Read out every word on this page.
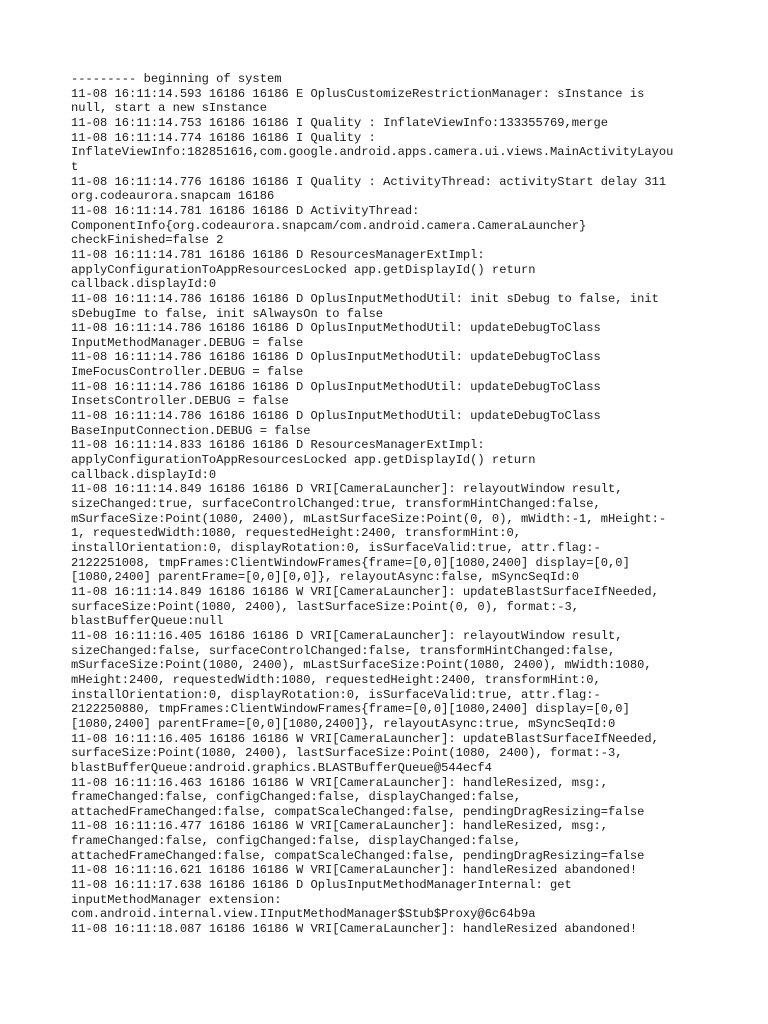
--------- beginning of system
11-08 16:11:14.593 16186 16186 E OplusCustomizeRestrictionManager: sInstance is
null, start a new sInstance
11-08 16:11:14.753 16186 16186 I Quality : InflateViewInfo:133355769,merge
11-08 16:11:14.774 16186 16186 I Quality :
InflateViewInfo:182851616,com.google.android.apps.camera.ui.views.MainActivityLayou
t
11-08 16:11:14.776 16186 16186 I Quality : ActivityThread: activityStart delay 311
org.codeaurora.snapcam 16186
11-08 16:11:14.781 16186 16186 D ActivityThread:
ComponentInfo{org.codeaurora.snapcam/com.android.camera.CameraLauncher}
checkFinished=false 2
11-08 16:11:14.781 16186 16186 D ResourcesManagerExtImpl:
applyConfigurationToAppResourcesLocked app.getDisplayId() return
callback.displayId:0
11-08 16:11:14.786 16186 16186 D OplusInputMethodUtil: init sDebug to false, init
sDebugIme to false, init sAlwaysOn to false
11-08 16:11:14.786 16186 16186 D OplusInputMethodUtil: updateDebugToClass
InputMethodManager.DEBUG = false
11-08 16:11:14.786 16186 16186 D OplusInputMethodUtil: updateDebugToClass
ImeFocusController.DEBUG = false
11-08 16:11:14.786 16186 16186 D OplusInputMethodUtil: updateDebugToClass
InsetsController.DEBUG = false
11-08 16:11:14.786 16186 16186 D OplusInputMethodUtil: updateDebugToClass
BaseInputConnection.DEBUG = false
11-08 16:11:14.833 16186 16186 D ResourcesManagerExtImpl:
applyConfigurationToAppResourcesLocked app.getDisplayId() return
callback.displayId:0
11-08 16:11:14.849 16186 16186 D VRI[CameraLauncher]: relayoutWindow result,
sizeChanged:true, surfaceControlChanged:true, transformHintChanged:false,
mSurfaceSize:Point(1080, 2400), mLastSurfaceSize:Point(0, 0), mWidth:-1, mHeight:-
1, requestedWidth:1080, requestedHeight:2400, transformHint:0,
installOrientation:0, displayRotation:0, isSurfaceValid:true, attr.flag:-
2122251008, tmpFrames:ClientWindowFrames{frame=[0,0][1080,2400] display=[0,0]
[1080,2400] parentFrame=[0,0][0,0]}, relayoutAsync:false, mSyncSeqId:0
11-08 16:11:14.849 16186 16186 W VRI[CameraLauncher]: updateBlastSurfaceIfNeeded,
surfaceSize:Point(1080, 2400), lastSurfaceSize:Point(0, 0), format:-3,
blastBufferQueue:null
11-08 16:11:16.405 16186 16186 D VRI[CameraLauncher]: relayoutWindow result,
sizeChanged:false, surfaceControlChanged:false, transformHintChanged:false,
mSurfaceSize:Point(1080, 2400), mLastSurfaceSize:Point(1080, 2400), mWidth:1080,
mHeight:2400, requestedWidth:1080, requestedHeight:2400, transformHint:0,
installOrientation:0, displayRotation:0, isSurfaceValid:true, attr.flag:-
2122250880, tmpFrames:ClientWindowFrames{frame=[0,0][1080,2400] display=[0,0]
[1080,2400] parentFrame=[0,0][1080,2400]}, relayoutAsync:true, mSyncSeqId:0
11-08 16:11:16.405 16186 16186 W VRI[CameraLauncher]: updateBlastSurfaceIfNeeded,
surfaceSize:Point(1080, 2400), lastSurfaceSize:Point(1080, 2400), format:-3,
blastBufferQueue:android.graphics.BLASTBufferQueue@544ecf4
11-08 16:11:16.463 16186 16186 W VRI[CameraLauncher]: handleResized, msg:,
frameChanged:false, configChanged:false, displayChanged:false,
attachedFrameChanged:false, compatScaleChanged:false, pendingDragResizing=false
11-08 16:11:16.477 16186 16186 W VRI[CameraLauncher]: handleResized, msg:,
frameChanged:false, configChanged:false, displayChanged:false,
attachedFrameChanged:false, compatScaleChanged:false, pendingDragResizing=false
11-08 16:11:16.621 16186 16186 W VRI[CameraLauncher]: handleResized abandoned!
11-08 16:11:17.638 16186 16186 D OplusInputMethodManagerInternal: get
inputMethodManager extension:
com.android.internal.view.IInputMethodManager$Stub$Proxy@6c64b9a
11-08 16:11:18.087 16186 16186 W VRI[CameraLauncher]: handleResized abandoned!
